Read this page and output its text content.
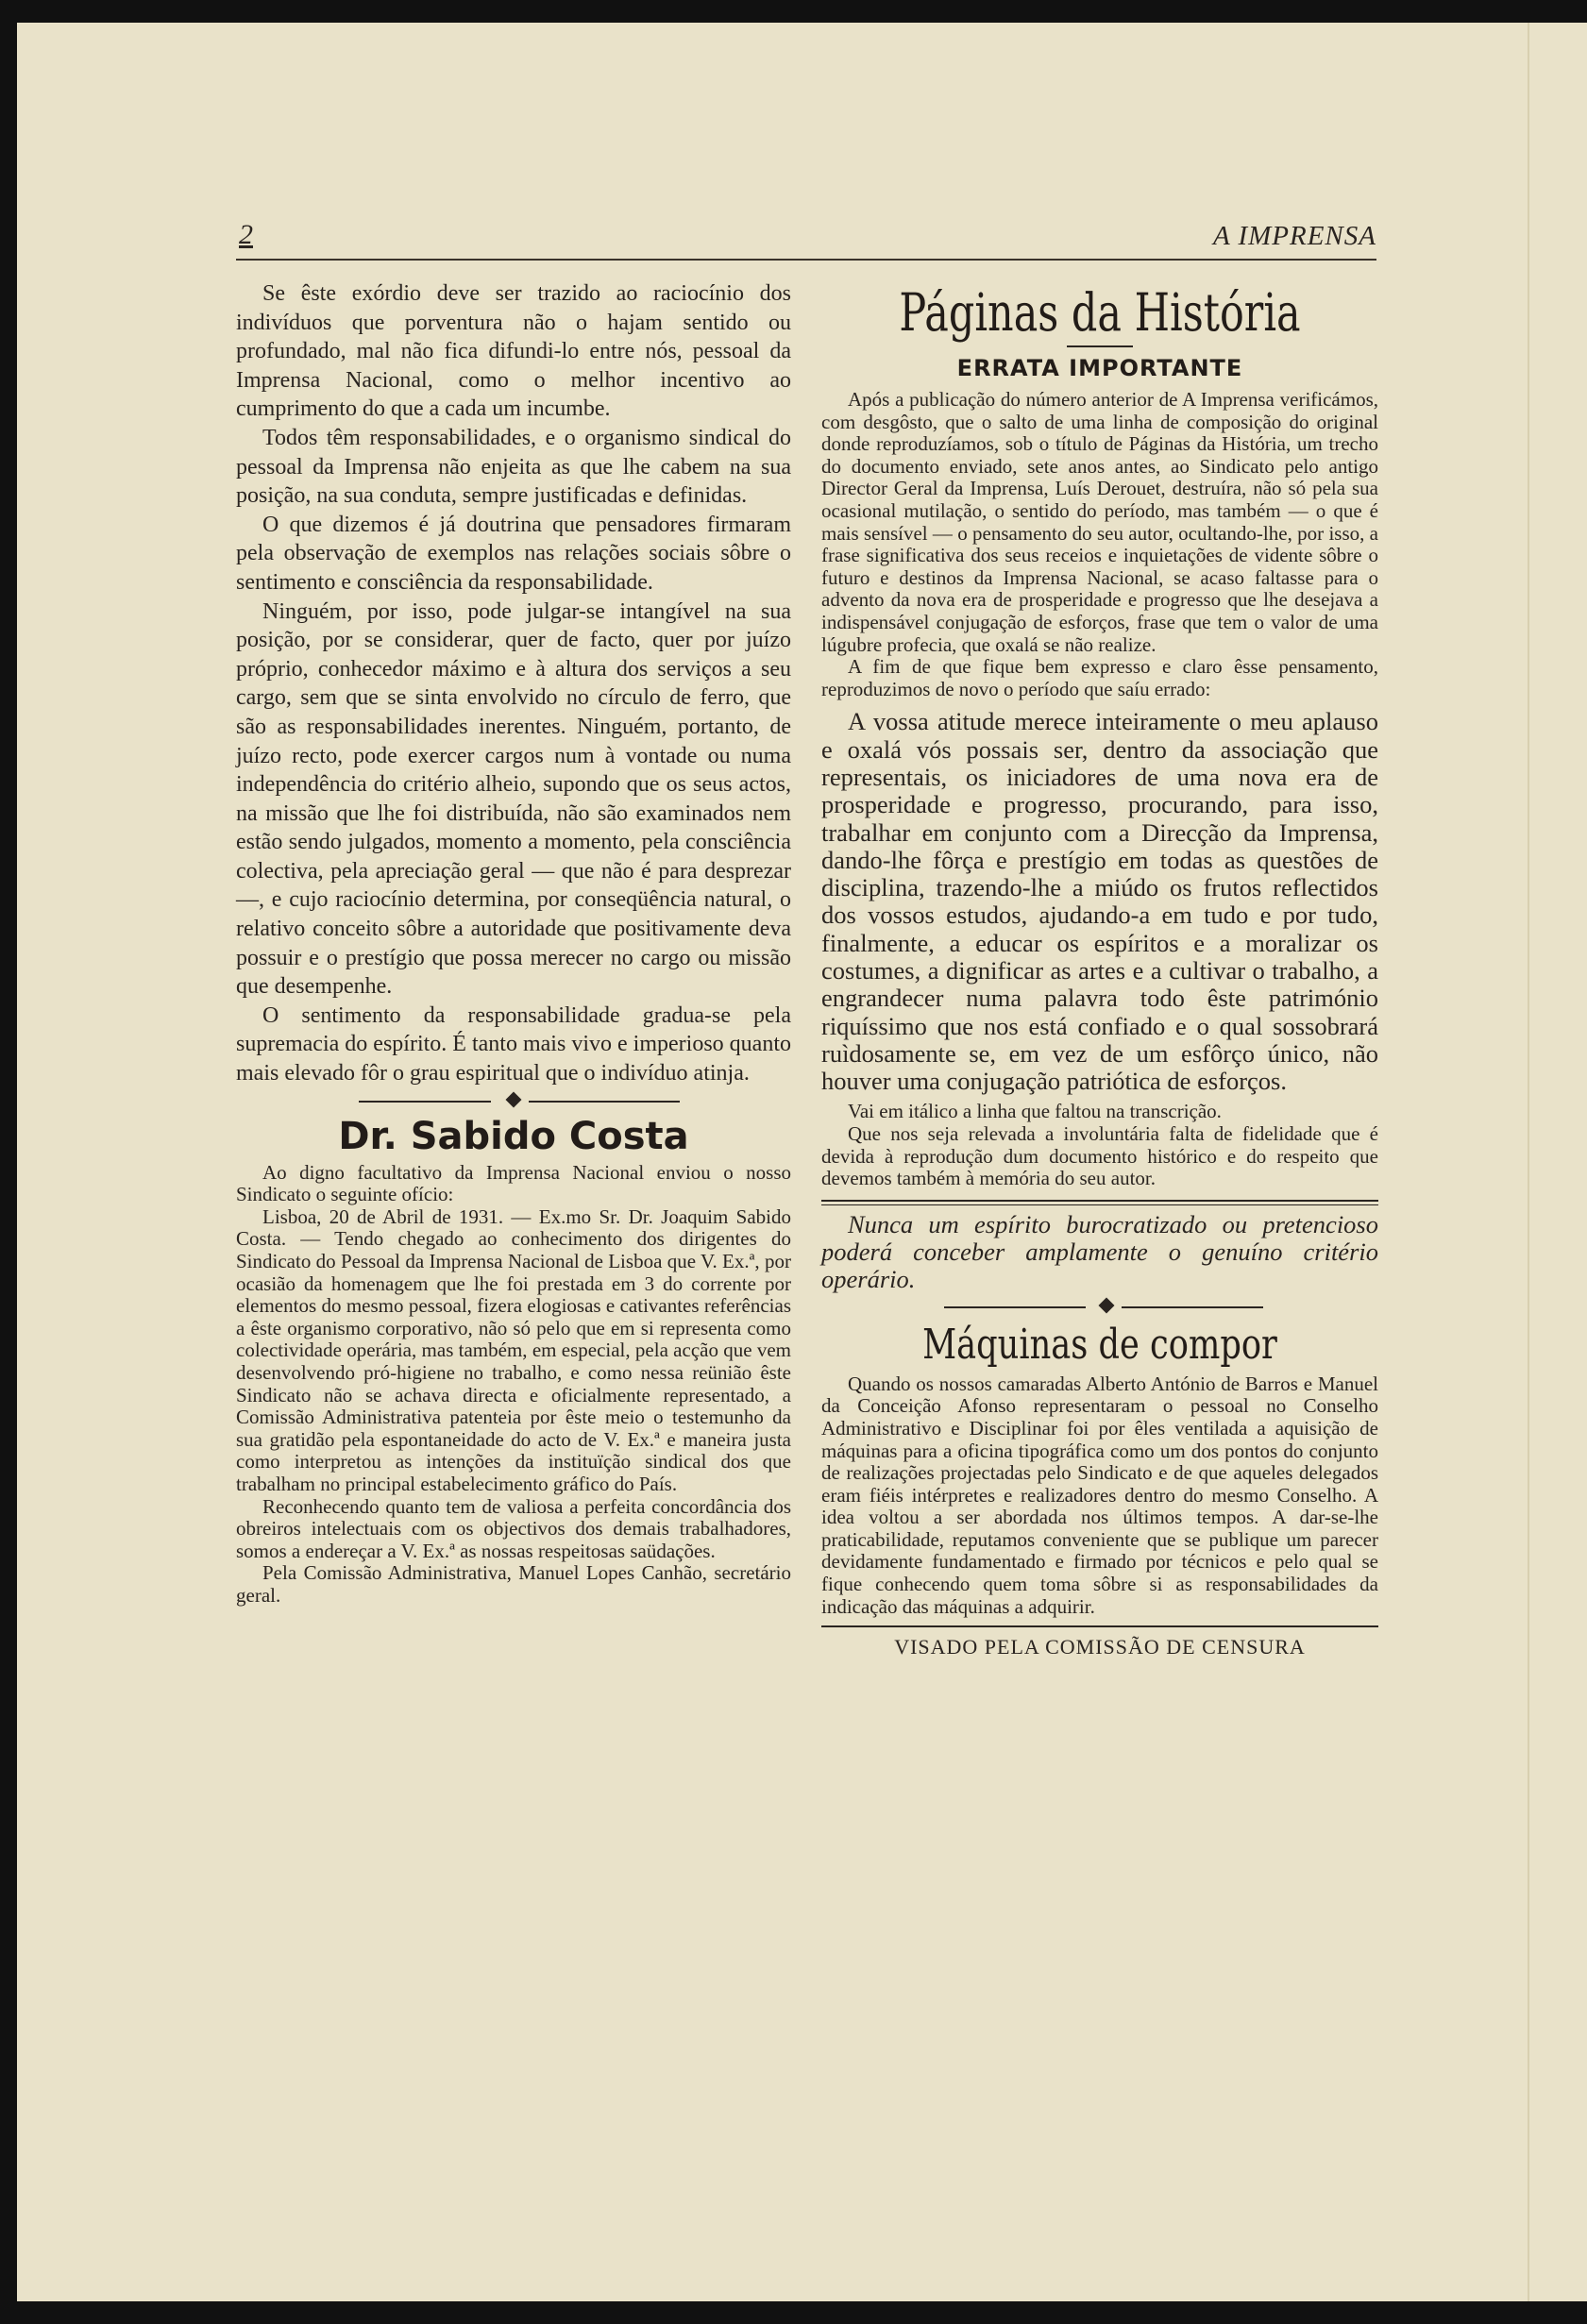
2	A IMPRENSA

Se êste exórdio deve ser trazido ao raciocínio dos indivíduos que porventura não o hajam sentido ou profundado, mal não fica difundi-lo entre nós, pessoal da Imprensa Nacional, como o melhor incentivo ao cumprimento do que a cada um incumbe.

Todos têm responsabilidades, e o organismo sindical do pessoal da Imprensa não enjeita as que lhe cabem na sua posição, na sua conduta, sempre justificadas e definidas.

O que dizemos é já doutrina que pensadores firmaram pela observação de exemplos nas relações sociais sôbre o sentimento e consciência da responsabilidade.

Ninguém, por isso, pode julgar-se intangível na sua posição, por se considerar, quer de facto, quer por juízo próprio, conhecedor máximo e à altura dos serviços a seu cargo, sem que se sinta envolvido no círculo de ferro, que são as responsabilidades inerentes. Ninguém, portanto, de juízo recto, pode exercer cargos num à vontade ou numa independência do critério alheio, supondo que os seus actos, na missão que lhe foi distribuída, não são examinados nem estão sendo julgados, momento a momento, pela consciência colectiva, pela apreciação geral — que não é para desprezar —, e cujo raciocínio determina, por conseqüência natural, o relativo conceito sôbre a autoridade que positivamente deva possuir e o prestígio que possa merecer no cargo ou missão que desempenhe.

O sentimento da responsabilidade gradua-se pela supremacia do espírito. É tanto mais vivo e imperioso quanto mais elevado fôr o grau espiritual que o indivíduo atinja.

Dr. Sabido Costa

Ao digno facultativo da Imprensa Nacional enviou o nosso Sindicato o seguinte ofício:

Lisboa, 20 de Abril de 1931. — Ex.mo Sr. Dr. Joaquim Sabido Costa. — Tendo chegado ao conhecimento dos dirigentes do Sindicato do Pessoal da Imprensa Nacional de Lisboa que V. Ex.ª, por ocasião da homenagem que lhe foi prestada em 3 do corrente por elementos do mesmo pessoal, fizera elogiosas e cativantes referências a êste organismo corporativo, não só pelo que em si representa como colectividade operária, mas também, em especial, pela acção que vem desenvolvendo pró-higiene no trabalho, e como nessa reünião êste Sindicato não se achava directa e oficialmente representado, a Comissão Administrativa patenteia por êste meio o testemunho da sua gratidão pela espontaneidade do acto de V. Ex.ª e maneira justa como interpretou as intenções da instituïção sindical dos que trabalham no principal estabelecimento gráfico do País.

Reconhecendo quanto tem de valiosa a perfeita concordância dos obreiros intelectuais com os objectivos dos demais trabalhadores, somos a endereçar a V. Ex.ª as nossas respeitosas saüdações.

Pela Comissão Administrativa, Manuel Lopes Canhão, secretário geral.

Páginas da História
ERRATA IMPORTANTE

Após a publicação do número anterior de A Imprensa verificámos, com desgôsto, que o salto de uma linha de composição do original donde reproduzíamos, sob o título de Páginas da História, um trecho do documento enviado, sete anos antes, ao Sindicato pelo antigo Director Geral da Imprensa, Luís Derouet, destruíra, não só pela sua ocasional mutilação, o sentido do período, mas também — o que é mais sensível — o pensamento do seu autor, ocultando-lhe, por isso, a frase significativa dos seus receios e inquietações de vidente sôbre o futuro e destinos da Imprensa Nacional, se acaso faltasse para o advento da nova era de prosperidade e progresso que lhe desejava a indispensável conjugação de esforços, frase que tem o valor de uma lúgubre profecia, que oxalá se não realize.

A fim de que fique bem expresso e claro êsse pensamento, reproduzimos de novo o período que saíu errado:

A vossa atitude merece inteiramente o meu aplauso e oxalá vós possais ser, dentro da associação que representais, os iniciadores de uma nova era de prosperidade e progresso, procurando, para isso, trabalhar em conjunto com a Direcção da Imprensa, dando-lhe fôrça e prestígio em todas as questões de disciplina, trazendo-lhe a miúdo os frutos reflectidos dos vossos estudos, ajudando-a em tudo e por tudo, finalmente, a educar os espíritos e a moralizar os costumes, a dignificar as artes e a cultivar o trabalho, a engrandecer numa palavra todo êste património riquíssimo que nos está confiado e o qual sossobrará ruìdosamente se, em vez de um esfôrço único, não houver uma conjugação patriótica de esforços.

Vai em itálico a linha que faltou na transcrição.

Que nos seja relevada a involuntária falta de fidelidade que é devida à reprodução dum documento histórico e do respeito que devemos também à memória do seu autor.

Nunca um espírito burocratizado ou pretencioso poderá conceber amplamente o genuíno critério operário.

Máquinas de compor

Quando os nossos camaradas Alberto António de Barros e Manuel da Conceição Afonso representaram o pessoal no Conselho Administrativo e Disciplinar foi por êles ventilada a aquisição de máquinas para a oficina tipográfica como um dos pontos do conjunto de realizações projectadas pelo Sindicato e de que aqueles delegados eram fiéis intérpretes e realizadores dentro do mesmo Conselho. A idea voltou a ser abordada nos últimos tempos. A dar-se-lhe praticabilidade, reputamos conveniente que se publique um parecer devidamente fundamentado e firmado por técnicos e pelo qual se fique conhecendo quem toma sôbre si as responsabilidades da indicação das máquinas a adquirir.

VISADO PELA COMISSÃO DE CENSURA
